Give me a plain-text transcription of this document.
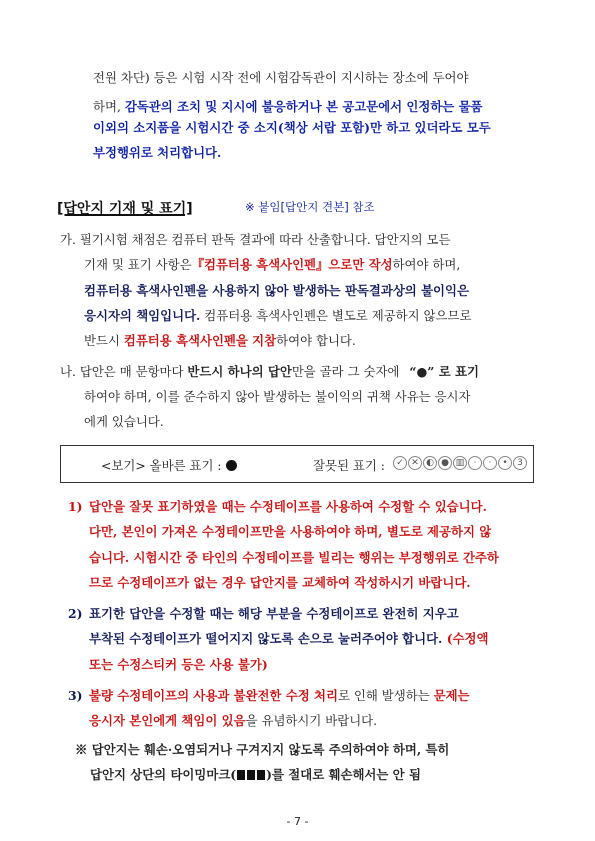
전원 차단) 등은 시험 시작 전에 시험감독관이 지시하는 장소에 두어야
하며, 감독관의 조치 및 지시에 불응하거나 본 공고문에서 인정하는 물품
이외의 소지품을 시험시간 중 소지(책상 서랍 포함)만 하고 있더라도 모두
부정행위로 처리합니다.
[답안지 기재 및 표기]	※ 붙임[답안지 견본] 참조
가. 필기시험 채점은 컴퓨터 판독 결과에 따라 산출합니다. 답안지의 모든
기재 및 표기 사항은『컴퓨터용 흑색사인펜』으로만 작성하여야 하며,
컴퓨터용 흑색사인펜을 사용하지 않아 발생하는 판독결과상의 불이익은
응시자의 책임입니다. 컴퓨터용 흑색사인펜은 별도로 제공하지 않으므로
반드시 컴퓨터용 흑색사인펜을 지참하여야 합니다.
나. 답안은 매 문항마다 반드시 하나의 답안만을 골라 그 숫자에 “●” 로 표기
하여야 하며, 이를 준수하지 않아 발생하는 불이익의 귀책 사유는 응시자
에게 있습니다.
<보기> 올바른 표기 :	잘못된 표기 :	✓ ✕ ◐ ● ▥	·	·	•	3
1) 답안을 잘못 표기하였을 때는 수정테이프를 사용하여 수정할 수 있습니다.
다만, 본인이 가져온 수정테이프만을 사용하여야 하며, 별도로 제공하지 않
습니다. 시험시간 중 타인의 수정테이프를 빌리는 행위는 부정행위로 간주하
므로 수정테이프가 없는 경우 답안지를 교체하여 작성하시기 바랍니다.
2) 표기한 답안을 수정할 때는 해당 부분을 수정테이프로 완전히 지우고
부착된 수정테이프가 떨어지지 않도록 손으로 눌러주어야 합니다. (수정액
또는 수정스티커 등은 사용 불가)
3) 불량 수정테이프의 사용과 불완전한 수정 처리로 인해 발생하는 문제는
응시자 본인에게 책임이 있음을 유념하시기 바랍니다.
※ 답안지는 훼손·오염되거나 구겨지지 않도록 주의하여야 하며, 특히
답안지 상단의 타이밍마크( )를 절대로 훼손해서는 안 됨
- 7 -
